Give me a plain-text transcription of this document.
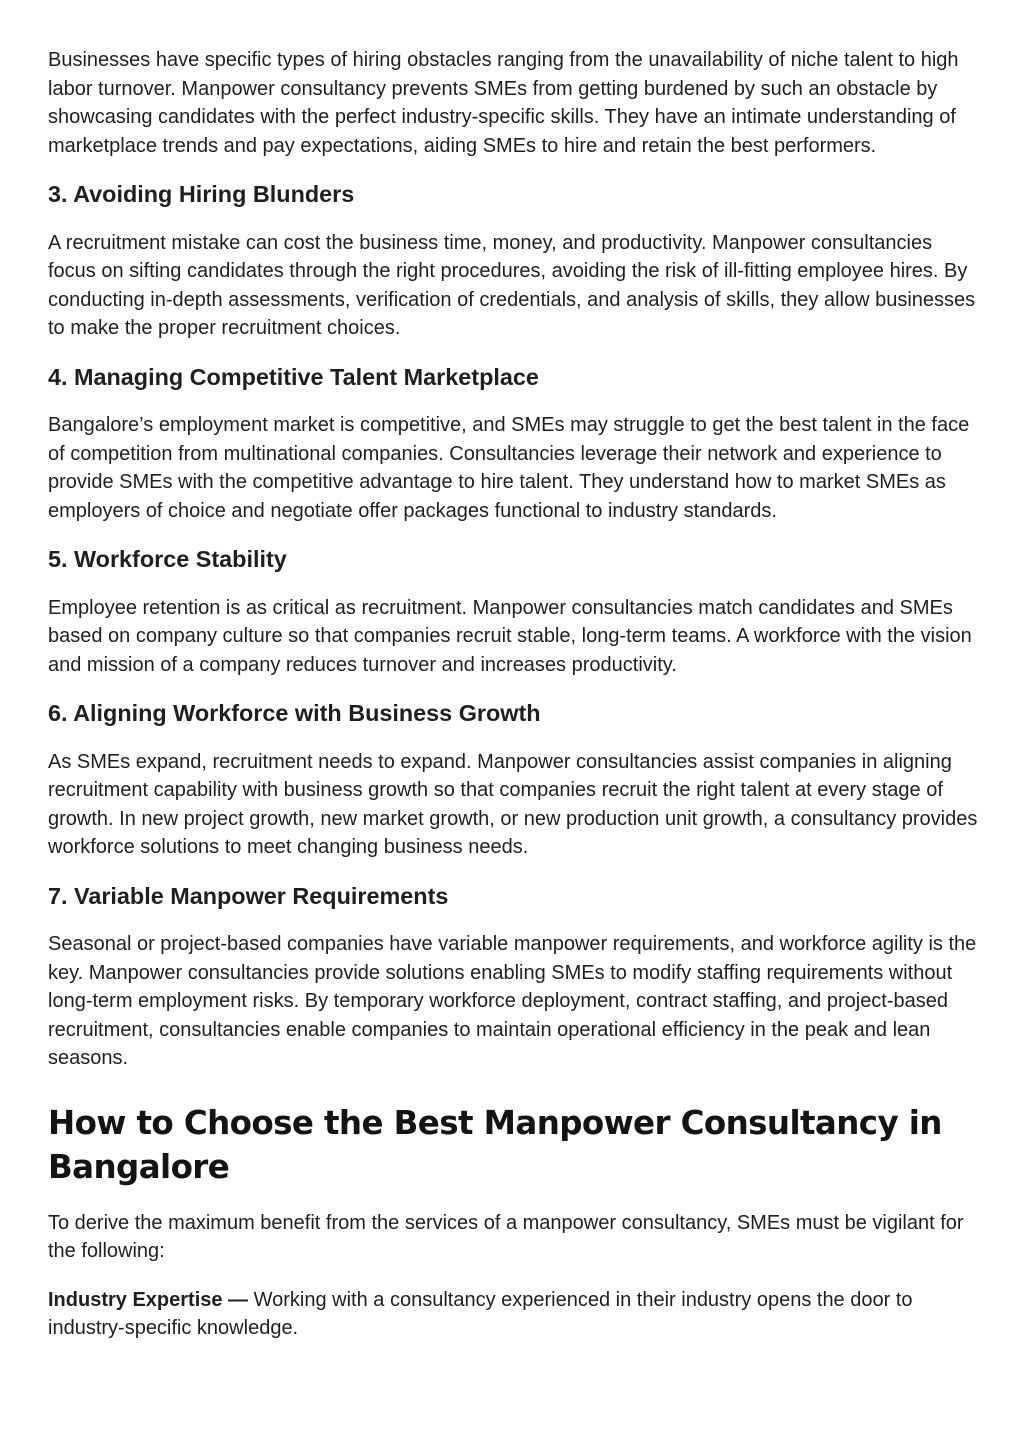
Businesses have specific types of hiring obstacles ranging from the unavailability of niche talent to high labor turnover. Manpower consultancy prevents SMEs from getting burdened by such an obstacle by showcasing candidates with the perfect industry-specific skills. They have an intimate understanding of marketplace trends and pay expectations, aiding SMEs to hire and retain the best performers.

3. Avoiding Hiring Blunders

A recruitment mistake can cost the business time, money, and productivity. Manpower consultancies focus on sifting candidates through the right procedures, avoiding the risk of ill-fitting employee hires. By conducting in-depth assessments, verification of credentials, and analysis of skills, they allow businesses to make the proper recruitment choices.

4. Managing Competitive Talent Marketplace

Bangalore’s employment market is competitive, and SMEs may struggle to get the best talent in the face of competition from multinational companies. Consultancies leverage their network and experience to provide SMEs with the competitive advantage to hire talent. They understand how to market SMEs as employers of choice and negotiate offer packages functional to industry standards.

5. Workforce Stability

Employee retention is as critical as recruitment. Manpower consultancies match candidates and SMEs based on company culture so that companies recruit stable, long-term teams. A workforce with the vision and mission of a company reduces turnover and increases productivity.

6. Aligning Workforce with Business Growth

As SMEs expand, recruitment needs to expand. Manpower consultancies assist companies in aligning recruitment capability with business growth so that companies recruit the right talent at every stage of growth. In new project growth, new market growth, or new production unit growth, a consultancy provides workforce solutions to meet changing business needs.

7. Variable Manpower Requirements

Seasonal or project-based companies have variable manpower requirements, and workforce agility is the key. Manpower consultancies provide solutions enabling SMEs to modify staffing requirements without long-term employment risks. By temporary workforce deployment, contract staffing, and project-based recruitment, consultancies enable companies to maintain operational efficiency in the peak and lean seasons.

How to Choose the Best Manpower Consultancy in Bangalore

To derive the maximum benefit from the services of a manpower consultancy, SMEs must be vigilant for the following:

Industry Expertise — Working with a consultancy experienced in their industry opens the door to industry-specific knowledge.
